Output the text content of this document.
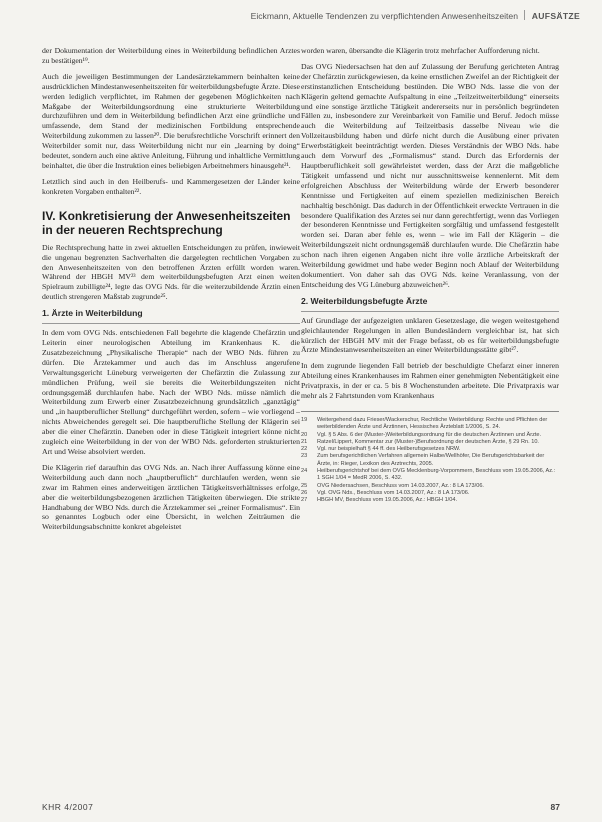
Eickmann, Aktuelle Tendenzen zu verpflichtenden Anwesenheitszeiten AUFSÄTZE

der Dokumentation der Weiterbildung eines in Weiterbildung befindlichen Arztes zu bestätigen¹⁹.

Auch die jeweiligen Bestimmungen der Landesärztekammern beinhalten keine ausdrücklichen Mindestanwesenheitszeiten für weiterbildungsbefugte Ärzte. Diese werden lediglich verpflichtet, im Rahmen der gegebenen Möglichkeiten nach Maßgabe der Weiterbildungsordnung eine strukturierte Weiterbildung durchzuführen und dem in Weiterbildung befindlichen Arzt eine gründliche und umfassende, dem Stand der medizinischen Fortbildung entsprechende Weiterbildung zukommen zu lassen²⁰. Die berufsrechtliche Vorschrift erinnert den Weiterbilder somit nur, dass Weiterbildung nicht nur ein „learning by doing“ bedeutet, sondern auch eine aktive Anleitung, Führung und inhaltliche Vermittlung beinhaltet, die über die Instruktion eines beliebigen Arbeitnehmers hinausgeht²¹.

Letztlich sind auch in den Heilberufs- und Kammergesetzen der Länder keine konkreten Vorgaben enthalten²².

IV. Konkretisierung der Anwesenheitszeiten in der neueren Rechtsprechung

Die Rechtsprechung hatte in zwei aktuellen Entscheidungen zu prüfen, inwieweit die ungenau begrenzten Sachverhalten die dargelegten rechtlichen Vorgaben zu den Anwesenheitszeiten von den betroffenen Ärzten erfüllt worden waren. Während der HBGH MV²³ dem weiterbildungsbefugten Arzt einen weiten Spielraum zubilligte²⁴, legte das OVG Nds. für die weiterzubildende Ärztin einen deutlich strengeren Maßstab zugrunde²⁵.

1. Ärzte in Weiterbildung

In dem vom OVG Nds. entschiedenen Fall begehrte die klagende Chefärztin und Leiterin einer neurologischen Abteilung im Krankenhaus K. die Zusatzbezeichnung „Physikalische Therapie“ nach der WBO Nds. führen zu dürfen. Die Ärztekammer und auch das im Anschluss angerufene Verwaltungsgericht Lüneburg verweigerten der Chefärztin die Zulassung zur mündlichen Prüfung, weil sie bereits die Weiterbildungszeiten nicht ordnungsgemäß durchlaufen habe. Nach der WBO Nds. müsse nämlich die Weiterbildung zum Erwerb einer Zusatzbezeichnung grundsätzlich „ganztägig“ und „in hauptberuflicher Stellung“ durchgeführt werden, sofern – wie vorliegend – nichts Abweichendes geregelt sei. Die hauptberufliche Stellung der Klägerin sei aber die einer Chefärztin. Daneben oder in diese Tätigkeit integriert könne nicht zugleich eine Weiterbildung in der von der WBO Nds. geforderten strukturierten Art und Weise absolviert werden.

Die Klägerin rief daraufhin das OVG Nds. an. Nach ihrer Auffassung könne eine Weiterbildung auch dann noch „hauptberuflich“ durchlaufen werden, wenn sie zwar im Rahmen eines anderweitigen ärztlichen Tätigkeitsverhältnisses erfolge, aber die weiterbildungsbezogenen ärztlichen Tätigkeiten überwiegen. Die strikte Handhabung der WBO Nds. durch die Ärztekammer sei „reiner Formalismus“. Ein so genanntes Logbuch oder eine Übersicht, in welchen Zeiträumen die Weiterbildungsabschnitte konkret abgeleistet

worden waren, übersandte die Klägerin trotz mehrfacher Aufforderung nicht.

Das OVG Niedersachsen hat den auf Zulassung der Berufung gerichteten Antrag der Chefärztin zurückgewiesen, da keine ernstlichen Zweifel an der Richtigkeit der erstinstanzlichen Entscheidung bestünden. Die WBO Nds. lasse die von der Klägerin geltend gemachte Aufspaltung in eine „Teilzeitweiterbildung“ einerseits und eine sonstige ärztliche Tätigkeit andererseits nur in persönlich begründeten Fällen zu, insbesondere zur Vereinbarkeit von Familie und Beruf. Jedoch müsse auch die Weiterbildung auf Teilzeitbasis dasselbe Niveau wie die Vollzeitausbildung haben und dürfe nicht durch die Ausübung einer privaten Erwerbstätigkeit beeinträchtigt werden. Dieses Verständnis der WBO Nds. habe auch dem Vorwurf des „Formalismus“ stand. Durch das Erfordernis der Hauptberuflichkeit soll gewährleistet werden, dass der Arzt die maßgebliche Tätigkeit umfassend und nicht nur ausschnittsweise kennenlernt. Mit dem erfolgreichen Abschluss der Weiterbildung würde der Erwerb besonderer Kenntnisse und Fertigkeiten auf einem speziellen medizinischen Bereich nachhaltig beschönigt. Das dadurch in der Öffentlichkeit erweckte Vertrauen in die besondere Qualifikation des Arztes sei nur dann gerechtfertigt, wenn das Vorliegen der besonderen Kenntnisse und Fertigkeiten sorgfältig und umfassend festgestellt worden sei. Daran aber fehle es, wenn – wie im Fall der Klägerin – die Weiterbildungszeit nicht ordnungsgemäß durchlaufen wurde. Die Chefärztin habe schon nach ihren eigenen Angaben nicht ihre volle ärztliche Arbeitskraft der Weiterbildung gewidmet und habe weder Beginn noch Ablauf der Weiterbildung dokumentiert. Von daher sah das OVG Nds. keine Veranlassung, von der Entscheidung des VG Lüneburg abzuweichen²⁶.

2. Weiterbildungsbefugte Ärzte

Auf Grundlage der aufgezeigten unklaren Gesetzeslage, die wegen weitestgehend gleichlautender Regelungen in allen Bundesländern vergleichbar ist, hat sich kürzlich der HBGH MV mit der Frage befasst, ob es für weiterbildungsbefugte Ärzte Mindestanwesenheitszeiten an einer Weiterbildungsstätte gibt²⁷.

In dem zugrunde liegenden Fall betrieb der beschuldigte Chefarzt einer inneren Abteilung eines Krankenhauses im Rahmen einer genehmigten Nebentätigkeit eine Privatpraxis, in der er ca. 5 bis 8 Wochenstunden arbeitete. Die Privatpraxis war mehr als 2 Fahrtstunden vom Krankenhaus

19	Weitergehend dazu Frieser/Wackerschur, Rechtliche Weiterbildung: Rechte und Pflichten der weiterbildenden Ärzte und Ärztinnen, Hessisches Ärzteblatt 1/2006, S. 24.
20	Vgl. § 5 Abs. 6 der (Muster-)Weiterbildungsordnung für die deutschen Ärztinnen und Ärzte.
21	Ratzel/Lippert, Kommentar zur (Muster-)Berufsordnung der deutschen Ärzte, § 29 Rn. 10.
22	Vgl. nur beispielhaft § 44 ff. des Heilberufsgesetzes NRW.
23	Zum berufsgerichtlichen Verfahren allgemein Halbe/Wellhöfer, Die Berufsgerichtsbarkeit der Ärzte, in: Rieger, Lexikon des Arztrechts, 2005.
24	Heilberufsgerichtshof bei dem OVG Mecklenburg-Vorpommern, Beschluss vom 19.05.2006, Az.: 1 SGH 1/04 = MedR 2006, S. 432.
25	OVG Niedersachsen, Beschluss vom 14.03.2007, Az.: 8 LA 173/06.
26	Vgl. OVG Nds., Beschluss vom 14.03.2007, Az.: 8 LA 173/06.
27	HBGH MV, Beschluss vom 19.05.2006, Az.: HBGH 1/04.
KHR 4/2007	87
